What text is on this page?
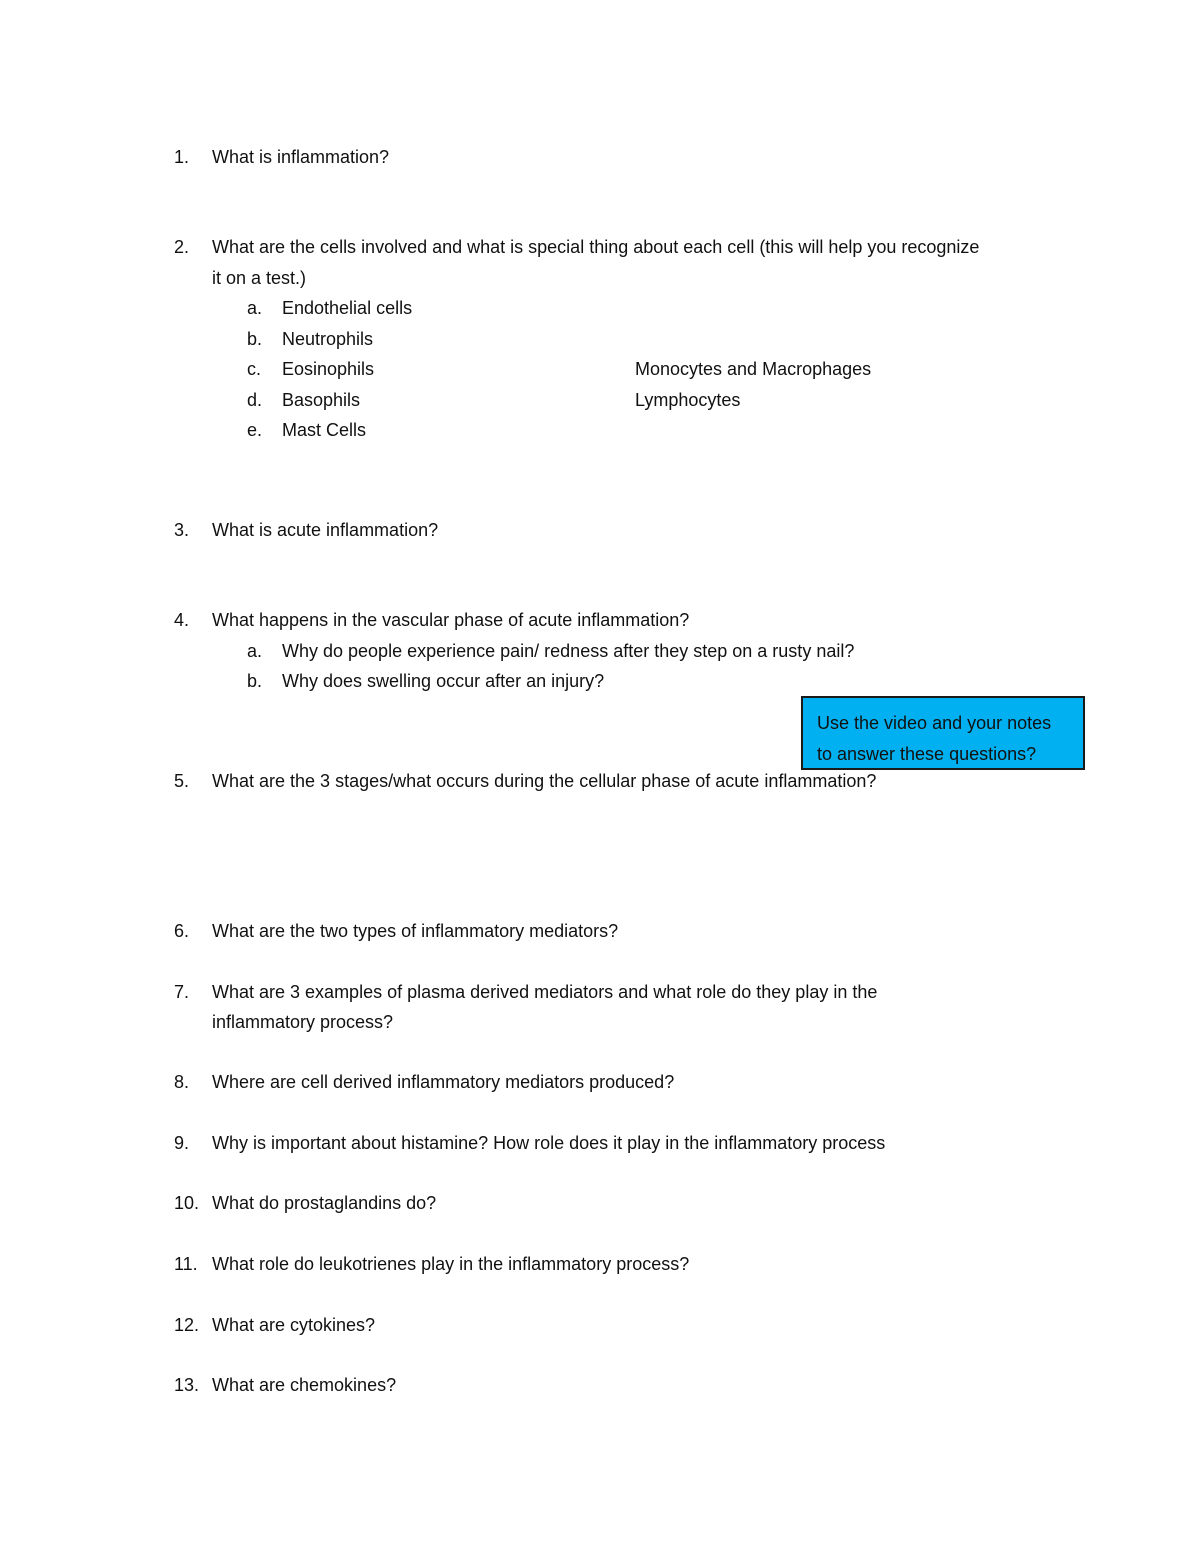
1. What is inflammation?
2. What are the cells involved and what is special thing about each cell (this will help you recognize
it on a test.)
a. Endothelial cells
b. Neutrophils
c. Eosinophils	Monocytes and Macrophages
d. Basophils	Lymphocytes
e. Mast Cells
3. What is acute inflammation?
4. What happens in the vascular phase of acute inflammation?
a. Why do people experience pain/ redness after they step on a rusty nail?
b. Why does swelling occur after an injury?
5. What are the 3 stages/what occurs during the cellular phase of acute inflammation?
Use the video and your notes
to answer these questions?
6. What are the two types of inflammatory mediators?
7. What are 3 examples of plasma derived mediators and what role do they play in the
inflammatory process?
8. Where are cell derived inflammatory mediators produced?
9. Why is important about histamine? How role does it play in the inflammatory process
10. What do prostaglandins do?
11. What role do leukotrienes play in the inflammatory process?
12. What are cytokines?
13. What are chemokines?
